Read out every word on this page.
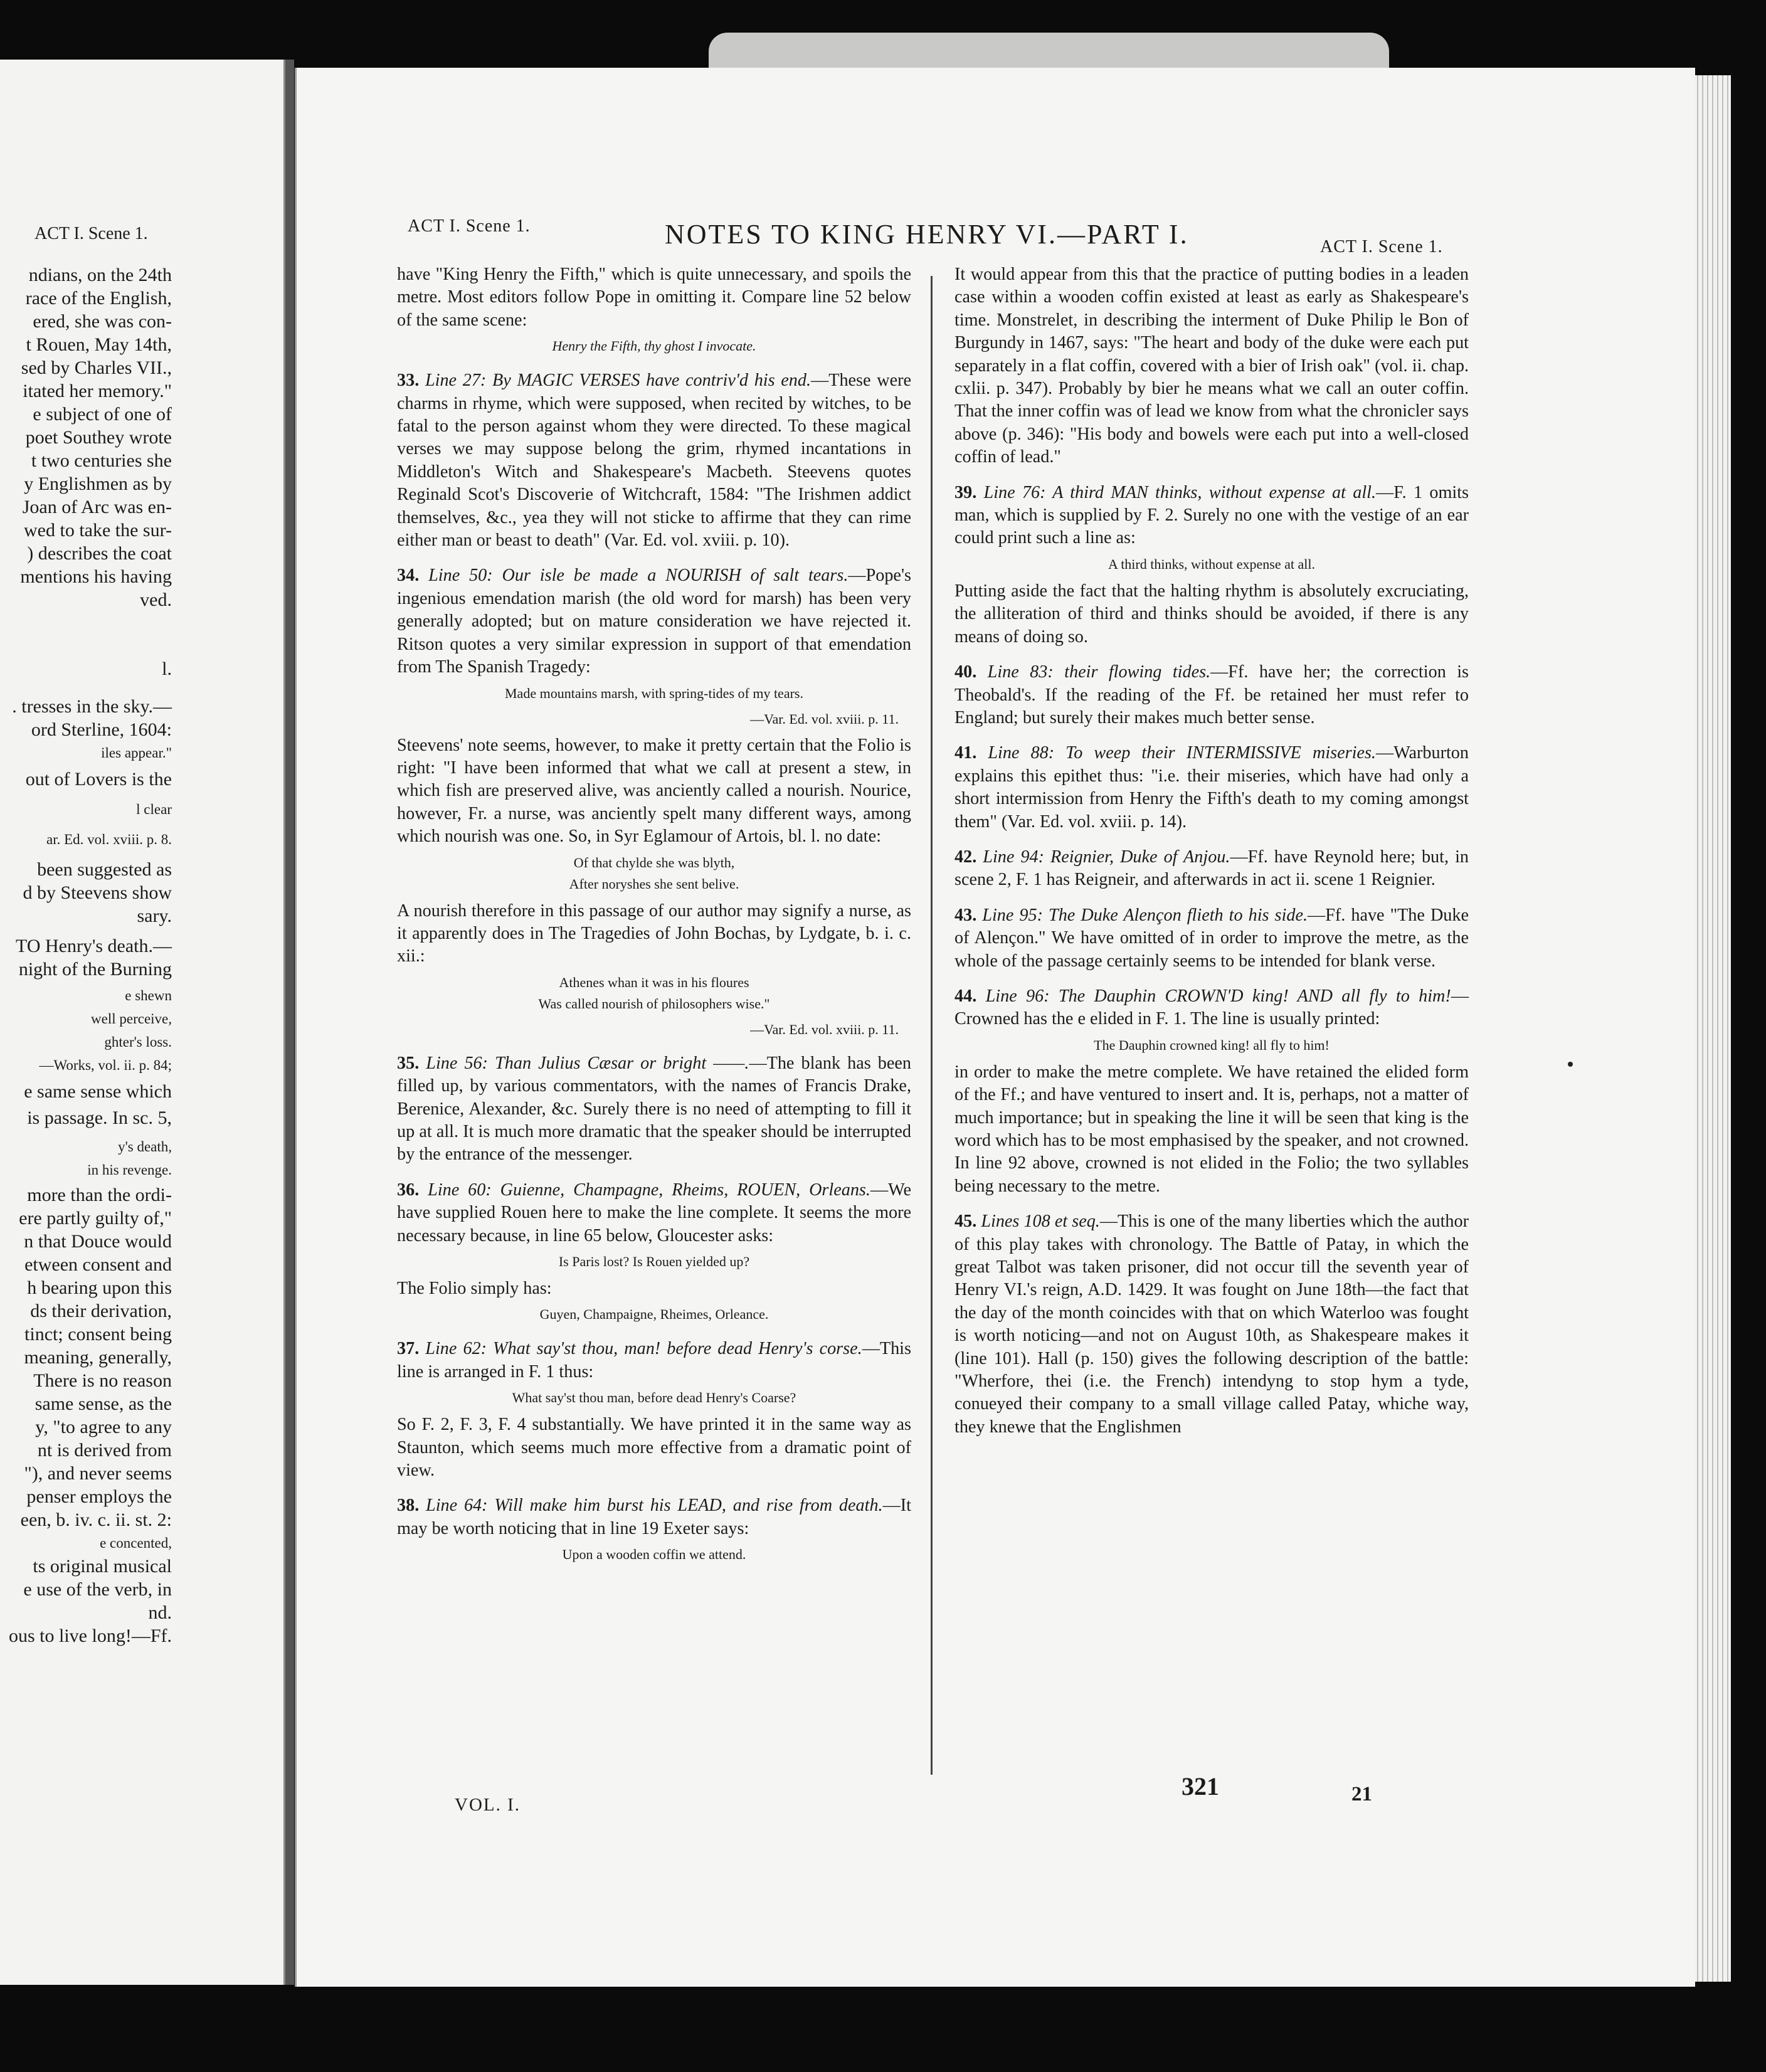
ACT I. Scene 1.
ndians, on the 24th
race of the English,
ered, she was con-
t Rouen, May 14th,
sed by Charles VII.,
itated her memory."
e subject of one of
poet Southey wrote
t two centuries she
y Englishmen as by
Joan of Arc was en-
wed to take the sur-
) describes the coat
mentions his having
ved.
l.
. tresses in the sky.—
ord Sterline, 1604:
iles appear."
out of Lovers is the
l clear
ar. Ed. vol. xviii. p. 8.
been suggested as
d by Steevens show
sary.
TO Henry's death.—
night of the Burning
e shewn
well perceive,
ghter's loss.
—Works, vol. ii. p. 84;
e same sense which
is passage. In sc. 5,
y's death,
in his revenge.
more than the ordi-
ere partly guilty of,"
n that Douce would
etween consent and
h bearing upon this
ds their derivation,
tinct; consent being
meaning, generally,
There is no reason
same sense, as the
y, "to agree to any
nt is derived from
"), and never seems
penser employs the
een, b. iv. c. ii. st. 2:
e concented,
ts original musical
e use of the verb, in
nd.
ous to live long!—Ff.
ACT I. Scene 1.	NOTES TO KING HENRY VI.—PART I.	ACT I. Scene 1.

have "King Henry the Fifth," which is quite unnecessary, and spoils the metre. Most editors follow Pope in omitting it. Compare line 52 below of the same scene:

Henry the Fifth, thy ghost I invocate.

33. Line 27: By MAGIC VERSES have contriv'd his end.—These were charms in rhyme, which were supposed, when recited by witches, to be fatal to the person against whom they were directed. To these magical verses we may suppose belong the grim, rhymed incantations in Middleton's Witch and Shakespeare's Macbeth. Steevens quotes Reginald Scot's Discoverie of Witchcraft, 1584: "The Irishmen addict themselves, &c., yea they will not sticke to affirme that they can rime either man or beast to death" (Var. Ed. vol. xviii. p. 10).

34. Line 50: Our isle be made a NOURISH of salt tears.—Pope's ingenious emendation marish (the old word for marsh) has been very generally adopted; but on mature consideration we have rejected it. Ritson quotes a very similar expression in support of that emendation from The Spanish Tragedy:

Made mountains marsh, with spring-tides of my tears.

—Var. Ed. vol. xviii. p. 11.

Steevens' note seems, however, to make it pretty certain that the Folio is right: "I have been informed that what we call at present a stew, in which fish are preserved alive, was anciently called a nourish. Nourice, however, Fr. a nurse, was anciently spelt many different ways, among which nourish was one. So, in Syr Eglamour of Artois, bl. l. no date:

Of that chylde she was blyth,

After noryshes she sent belive.

A nourish therefore in this passage of our author may signify a nurse, as it apparently does in The Tragedies of John Bochas, by Lydgate, b. i. c. xii.:

Athenes whan it was in his floures

Was called nourish of philosophers wise."

—Var. Ed. vol. xviii. p. 11.

35. Line 56: Than Julius Cæsar or bright ——.—The blank has been filled up, by various commentators, with the names of Francis Drake, Berenice, Alexander, &c. Surely there is no need of attempting to fill it up at all. It is much more dramatic that the speaker should be interrupted by the entrance of the messenger.

36. Line 60: Guienne, Champagne, Rheims, ROUEN, Orleans.—We have supplied Rouen here to make the line complete. It seems the more necessary because, in line 65 below, Gloucester asks:

Is Paris lost? Is Rouen yielded up?

The Folio simply has:

Guyen, Champaigne, Rheimes, Orleance.

37. Line 62: What say'st thou, man! before dead Henry's corse.—This line is arranged in F. 1 thus:

What say'st thou man, before dead Henry's Coarse?

So F. 2, F. 3, F. 4 substantially. We have printed it in the same way as Staunton, which seems much more effective from a dramatic point of view.

38. Line 64: Will make him burst his LEAD, and rise from death.—It may be worth noticing that in line 19 Exeter says:

Upon a wooden coffin we attend.

It would appear from this that the practice of putting bodies in a leaden case within a wooden coffin existed at least as early as Shakespeare's time. Monstrelet, in describing the interment of Duke Philip le Bon of Burgundy in 1467, says: "The heart and body of the duke were each put separately in a flat coffin, covered with a bier of Irish oak" (vol. ii. chap. cxlii. p. 347). Probably by bier he means what we call an outer coffin. That the inner coffin was of lead we know from what the chronicler says above (p. 346): "His body and bowels were each put into a well-closed coffin of lead."

39. Line 76: A third MAN thinks, without expense at all.—F. 1 omits man, which is supplied by F. 2. Surely no one with the vestige of an ear could print such a line as:

A third thinks, without expense at all.

Putting aside the fact that the halting rhythm is absolutely excruciating, the alliteration of third and thinks should be avoided, if there is any means of doing so.

40. Line 83: their flowing tides.—Ff. have her; the correction is Theobald's. If the reading of the Ff. be retained her must refer to England; but surely their makes much better sense.

41. Line 88: To weep their INTERMISSIVE miseries.—Warburton explains this epithet thus: "i.e. their miseries, which have had only a short intermission from Henry the Fifth's death to my coming amongst them" (Var. Ed. vol. xviii. p. 14).

42. Line 94: Reignier, Duke of Anjou.—Ff. have Reynold here; but, in scene 2, F. 1 has Reigneir, and afterwards in act ii. scene 1 Reignier.

43. Line 95: The Duke Alençon flieth to his side.—Ff. have "The Duke of Alençon." We have omitted of in order to improve the metre, as the whole of the passage certainly seems to be intended for blank verse.

44. Line 96: The Dauphin CROWN'D king! AND all fly to him!—Crowned has the e elided in F. 1. The line is usually printed:

The Dauphin crowned king! all fly to him!

in order to make the metre complete. We have retained the elided form of the Ff.; and have ventured to insert and. It is, perhaps, not a matter of much importance; but in speaking the line it will be seen that king is the word which has to be most emphasised by the speaker, and not crowned. In line 92 above, crowned is not elided in the Folio; the two syllables being necessary to the metre.

45. Lines 108 et seq.—This is one of the many liberties which the author of this play takes with chronology. The Battle of Patay, in which the great Talbot was taken prisoner, did not occur till the seventh year of Henry VI.'s reign, A.D. 1429. It was fought on June 18th—the fact that the day of the month coincides with that on which Waterloo was fought is worth noticing—and not on August 10th, as Shakespeare makes it (line 101). Hall (p. 150) gives the following description of the battle: "Wherfore, thei (i.e. the French) intendyng to stop hym a tyde, conueyed their company to a small village called Patay, whiche way, they knewe that the Englishmen

VOL. I.
321	21
